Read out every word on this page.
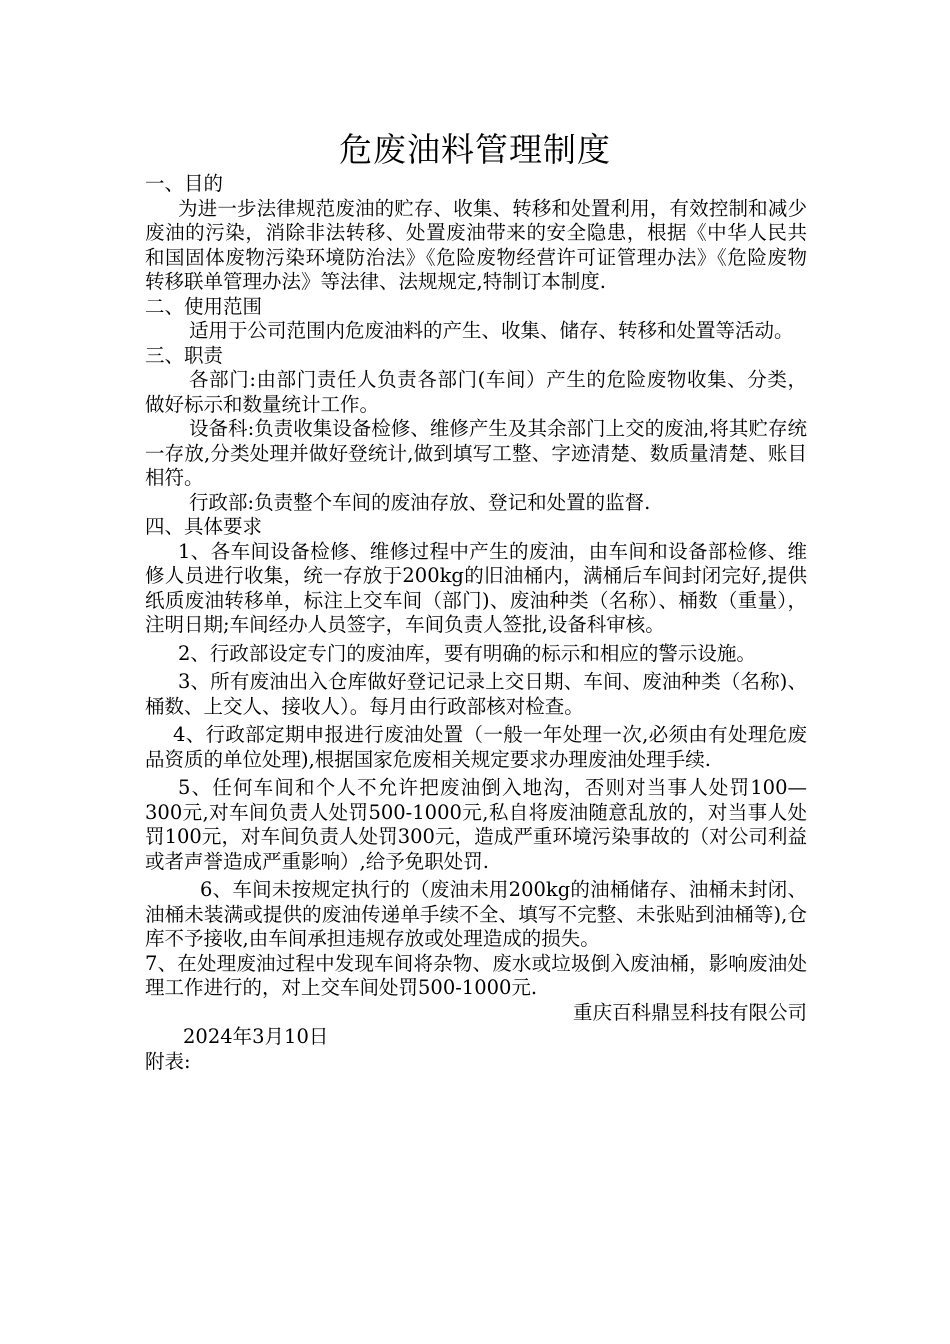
危废油料管理制度

一、目的

为进一步法律规范废油的贮存、收集、转移和处置利用，有效控制和减少废油的污染，消除非法转移、处置废油带来的安全隐患，根据《中华人民共和国固体废物污染环境防治法》《危险废物经营许可证管理办法》《危险废物转移联单管理办法》等法律、法规规定,特制订本制度.

二、使用范围

适用于公司范围内危废油料的产生、收集、储存、转移和处置等活动。

三、职责

各部门:由部门责任人负责各部门(车间）产生的危险废物收集、分类，做好标示和数量统计工作。

设备科:负责收集设备检修、维修产生及其余部门上交的废油,将其贮存统一存放,分类处理并做好登统计,做到填写工整、字迹清楚、数质量清楚、账目相符。

行政部:负责整个车间的废油存放、登记和处置的监督.

四、具体要求

1、各车间设备检修、维修过程中产生的废油，由车间和设备部检修、维修人员进行收集，统一存放于200kg的旧油桶内，满桶后车间封闭完好,提供纸质废油转移单，标注上交车间（部门)、废油种类（名称）、桶数（重量），注明日期;车间经办人员签字，车间负责人签批,设备科审核。

2、行政部设定专门的废油库，要有明确的标示和相应的警示设施。

3、所有废油出入仓库做好登记记录上交日期、车间、废油种类（名称)、桶数、上交人、接收人）。每月由行政部核对检查。

4、行政部定期申报进行废油处置（一般一年处理一次,必须由有处理危废品资质的单位处理),根据国家危废相关规定要求办理废油处理手续.

5、任何车间和个人不允许把废油倒入地沟，否则对当事人处罚100—300元,对车间负责人处罚500-1000元,私自将废油随意乱放的，对当事人处罚100元，对车间负责人处罚300元，造成严重环境污染事故的（对公司利益或者声誉造成严重影响）,给予免职处罚.

6、车间未按规定执行的（废油未用200kg的油桶储存、油桶未封闭、油桶未装满或提供的废油传递单手续不全、填写不完整、未张贴到油桶等),仓库不予接收,由车间承担违规存放或处理造成的损失。

7、在处理废油过程中发现车间将杂物、废水或垃圾倒入废油桶，影响废油处理工作进行的，对上交车间处罚500-1000元.

重庆百科鼎昱科技有限公司

2024年3月10日

附表:
